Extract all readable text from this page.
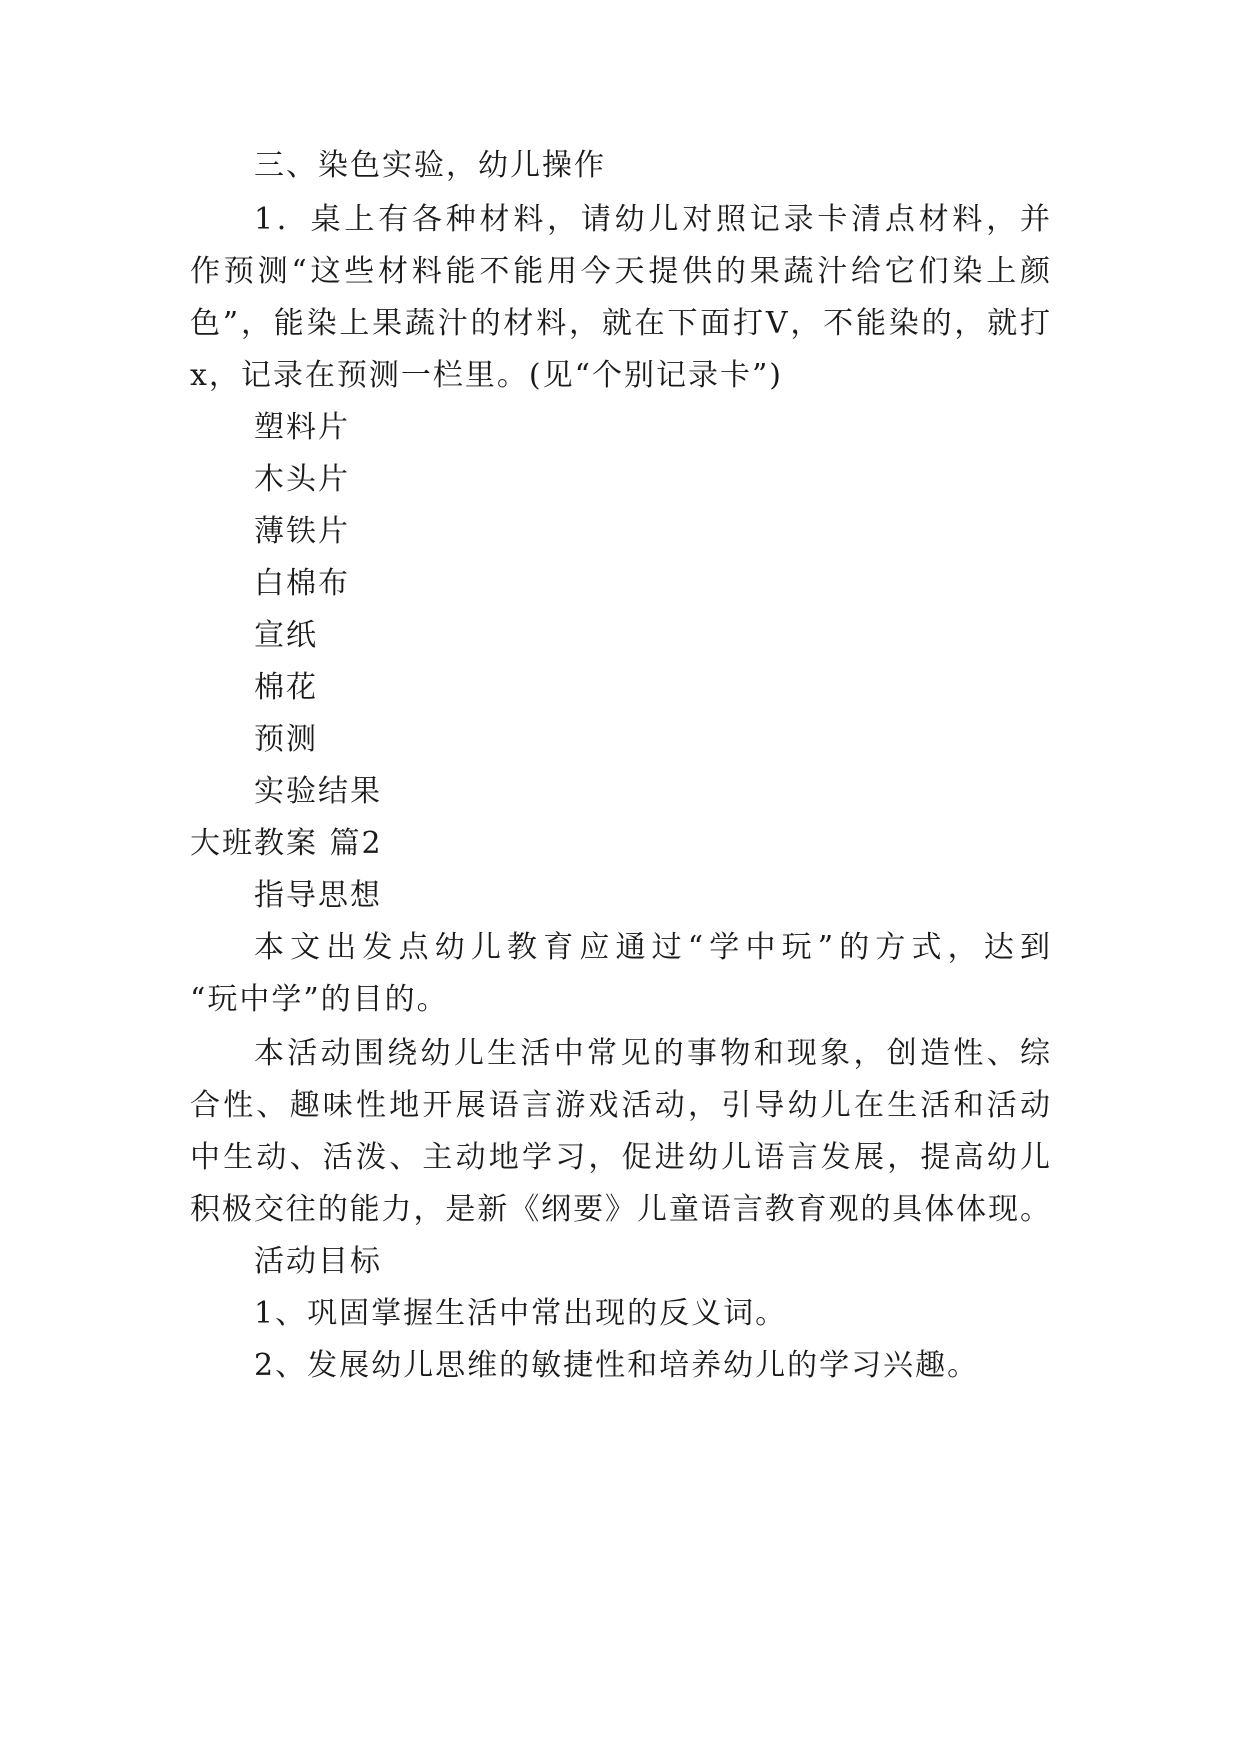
三、染色实验，幼儿操作
1．桌上有各种材料，请幼儿对照记录卡清点材料，并
作预测“这些材料能不能用今天提供的果蔬汁给它们染上颜
色”，能染上果蔬汁的材料，就在下面打V，不能染的，就打
x，记录在预测一栏里。(见“个别记录卡”)
塑料片
木头片
薄铁片
白棉布
宣纸
棉花
预测
实验结果
大班教案 篇2
指导思想
本文出发点幼儿教育应通过“学中玩”的方式，达到
“玩中学”的目的。
本活动围绕幼儿生活中常见的事物和现象，创造性、综
合性、趣味性地开展语言游戏活动，引导幼儿在生活和活动
中生动、活泼、主动地学习，促进幼儿语言发展，提高幼儿
积极交往的能力，是新《纲要》儿童语言教育观的具体体现。
活动目标
1、巩固掌握生活中常出现的反义词。
2、发展幼儿思维的敏捷性和培养幼儿的学习兴趣。
